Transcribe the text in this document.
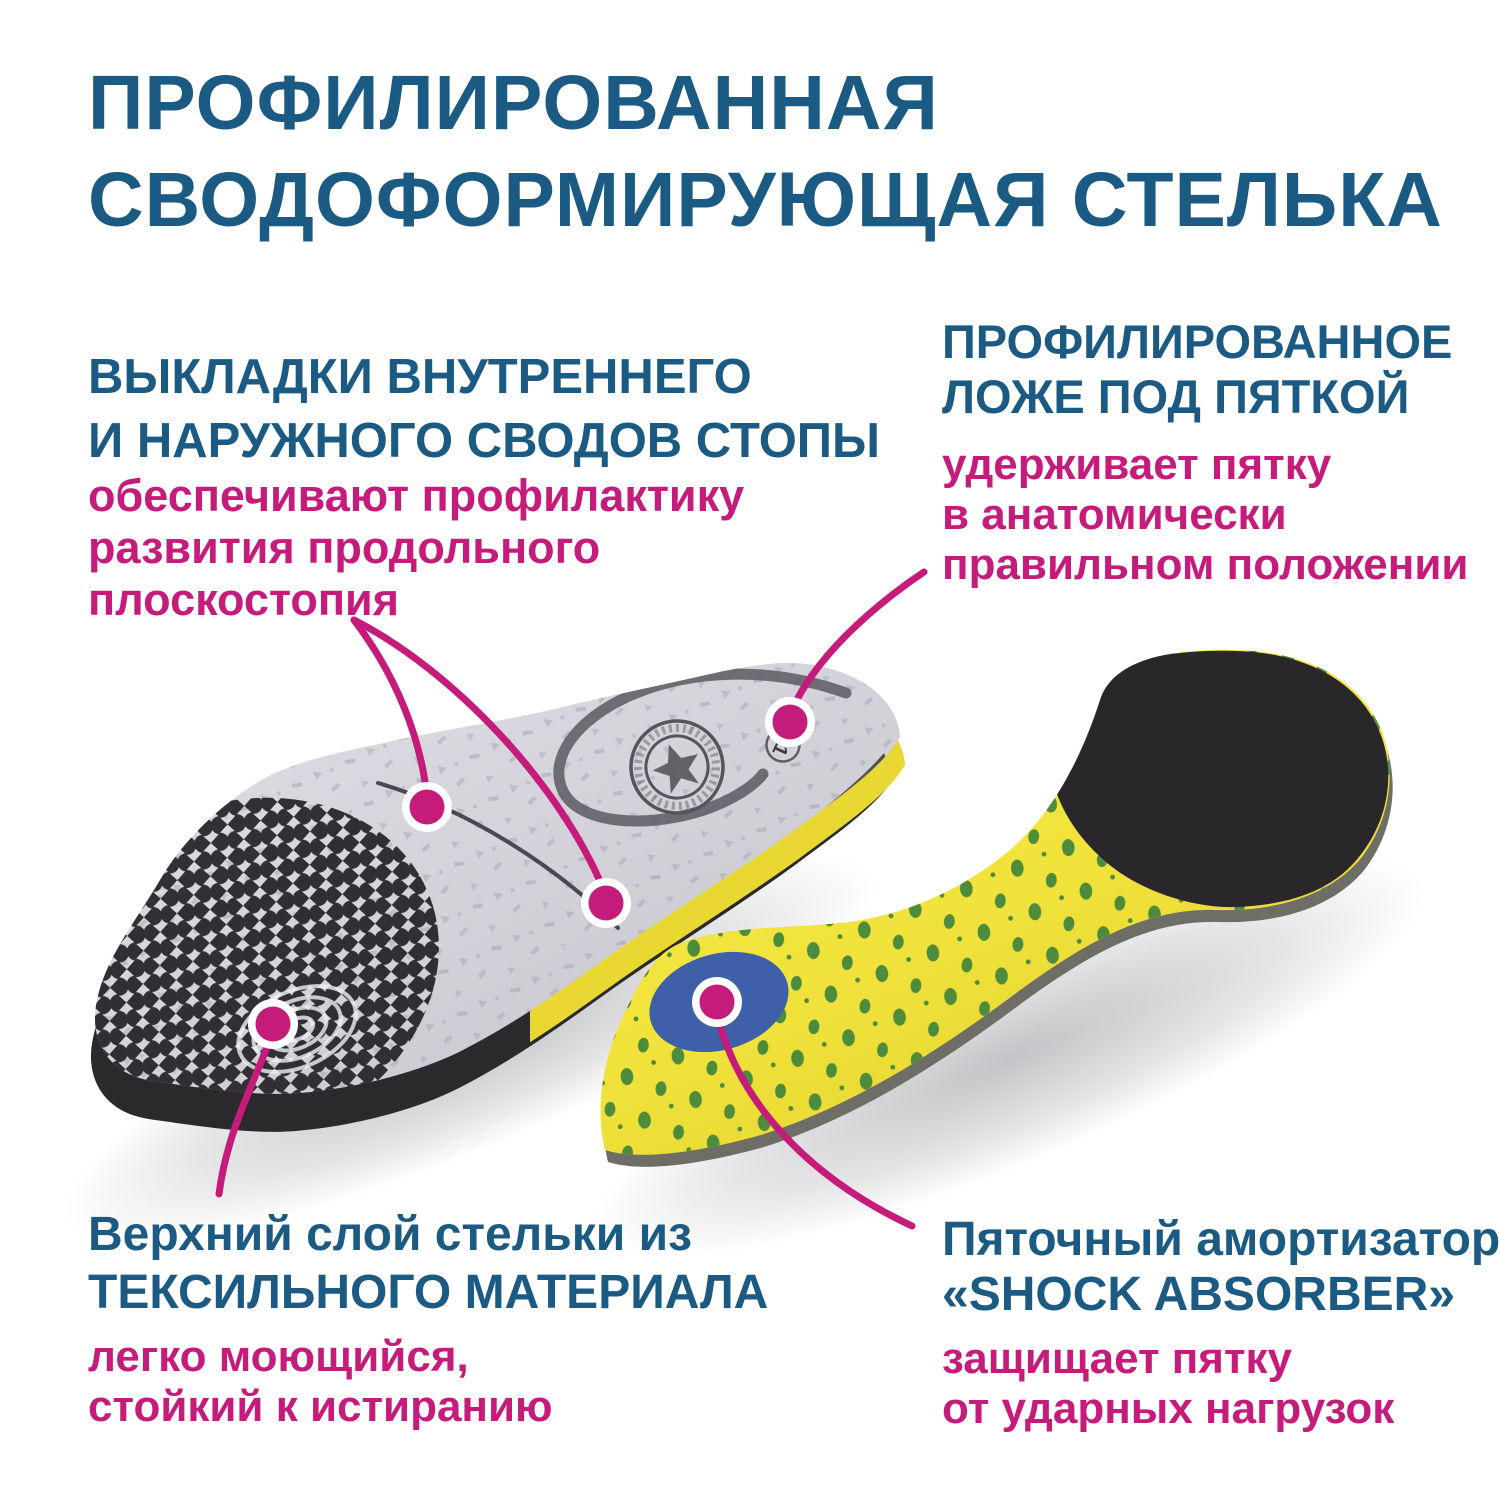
ПРОФИЛИРОВАННАЯ
СВОДОФОРМИРУЮЩАЯ СТЕЛЬКА
ВЫКЛАДКИ ВНУТРЕННЕГО
И НАРУЖНОГО СВОДОВ СТОПЫ
обеспечивают профилактику
развития продольного
плоскостопия
ПРОФИЛИРОВАННОЕ
ЛОЖЕ ПОД ПЯТКОЙ
удерживает пятку
в анатомически
правильном положении
Верхний слой стельки из
ТЕКСИЛЬНОГО МАТЕРИАЛА
легко моющийся,
стойкий к истиранию
Пяточный амортизатор
«SHOCK ABSORBER»
защищает пятку
от ударных нагрузок
